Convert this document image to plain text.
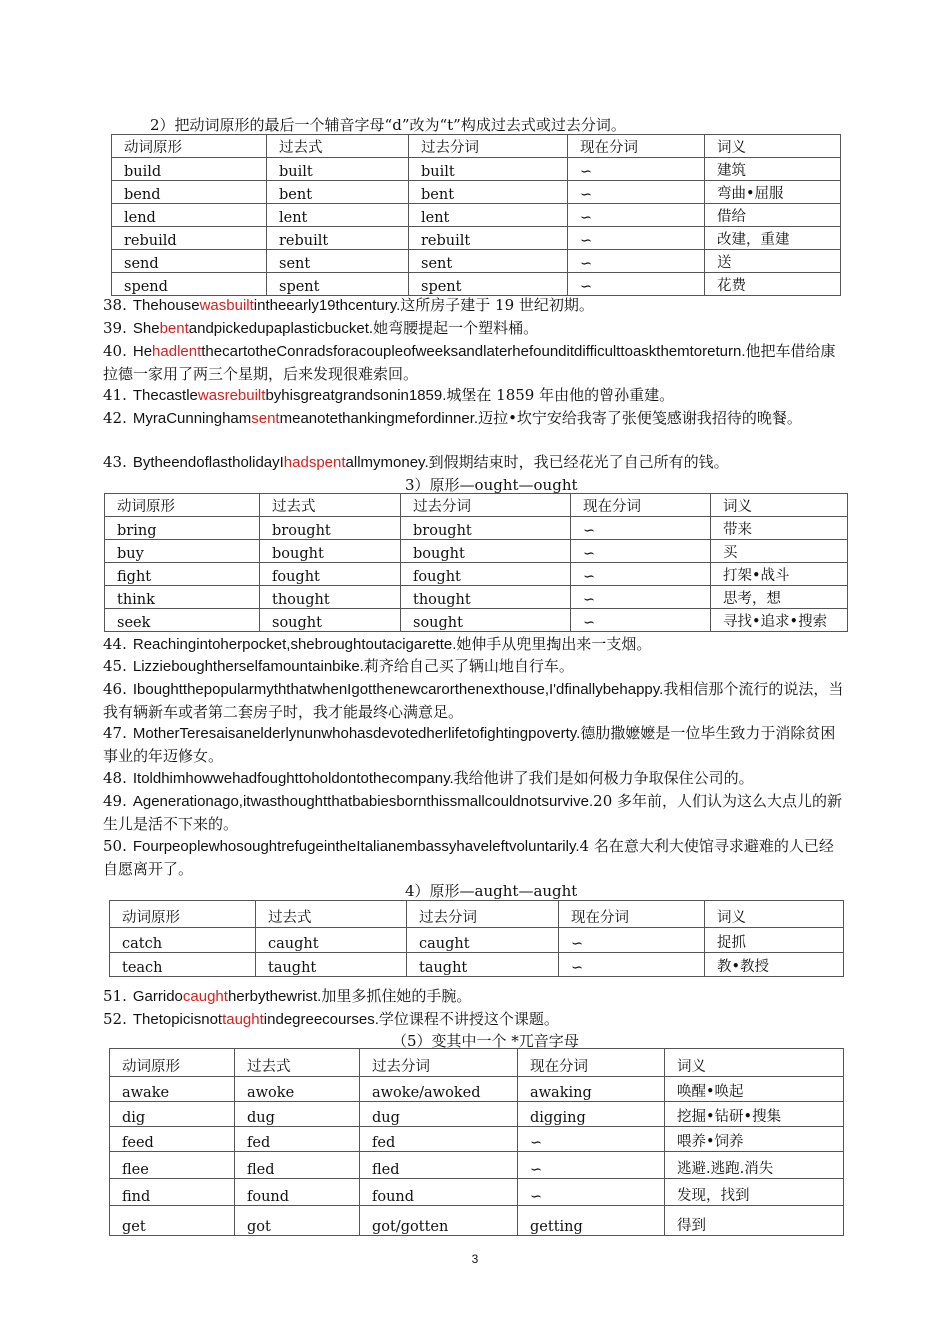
2）把动词原形的最后一个辅音字母“d”改为“t”构成过去式或过去分词。
动词原形	过去式	过去分词	现在分词	词义
build	built	built	∽	建筑
bend	bent	bent	∽	弯曲•屈服
lend	lent	lent	∽	借给
rebuild	rebuilt	rebuilt	∽	改建，重建
send	sent	sent	∽	送
spend	spent	spent	∽	花费
38. Thehousewasbuiltintheearly19thcentury.这所房子建于 19 世纪初期。
39. Shebentandpickedupaplasticbucket.她弯腰提起一个塑料桶。
40. HehadlentthecartotheConradsforacoupleofweeksandlaterhefounditdifficulttoaskthemtoreturn.他把车借给康拉德一家用了两三个星期，后来发现很难索回。
41. Thecastlewasrebuiltbyhisgreatgrandsonin1859.城堡在 1859 年由他的曾孙重建。
42. MyraCunninghamsentmeanotethankingmefordinner.迈拉•坎宁安给我寄了张便笺感谢我招待的晚餐。
43. BytheendoflastholidayIhadspentallmymoney.到假期结束时，我已经花光了自己所有的钱。
3）原形—ought—ought
动词原形	过去式	过去分词	现在分词	词义
bring	brought	brought	∽	带来
buy	bought	bought	∽	买
fight	fought	fought	∽	打架•战斗
think	thought	thought	∽	思考，想
seek	sought	sought	∽	寻找•追求•搜索
44. Reachingintoherpocket,shebroughtoutacigarette.她伸手从兜里掏出来一支烟。
45. Lizzieboughtherselfamountainbike.莉齐给自己买了辆山地自行车。
46. IboughtthepopularmyththatwhenIgotthenewcarorthenexthouse,I'dfinallybehappy.我相信那个流行的说法，当我有辆新车或者第二套房子时，我才能最终心满意足。
47. MotherTeresaisanelderlynunwhohasdevotedherlifetofightingpoverty.德肋撒嬷嬷是一位毕生致力于消除贫困事业的年迈修女。
48. Itoldhimhowwehadfoughttoholdontothecompany.我给他讲了我们是如何极力争取保住公司的。
49. Agenerationago,itwasthoughtthatbabiesbornthissmallcouldnotsurvive.20 多年前，人们认为这么大点儿的新生儿是活不下来的。
50. FourpeoplewhosoughtrefugeintheItalianembassyhaveleftvoluntarily.4 名在意大利大使馆寻求避难的人已经自愿离开了。
4）原形—aught—aught
动词原形	过去式	过去分词	现在分词	词义
catch	caught	caught	∽	捉抓
teach	taught	taught	∽	教•教授
51. Garridocaughtherbythewrist.加里多抓住她的手腕。
52. Thetopicisnottaughtindegreecourses.学位课程不讲授这个课题。
（5）变其中一个 *兀音字母
动词原形	过去式	过去分词	现在分词	词义
awake	awoke	awoke/awoked	awaking	唤醒•唤起
dig	dug	dug	digging	挖掘•钻研•搜集
feed	fed	fed	∽	喂养•饲养
flee	fled	fled	∽	逃避.逃跑.消失
find	found	found	∽	发现，找到
get	got	got/gotten	getting	得到
3
